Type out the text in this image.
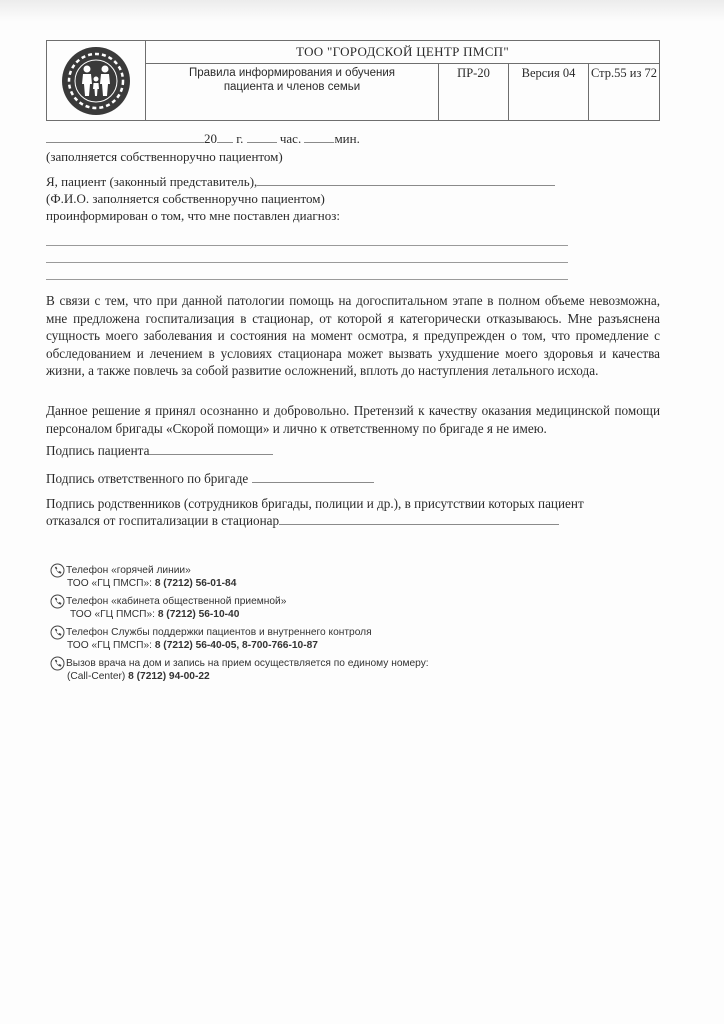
ТОО "ГОРОДСКОЙ ЦЕНТР ПМСП"
Правила информирования и обучения
пациента и членов семьи
ПР-20	Версия 04	Стр.55 из 72
20 г.	час.	мин.
(заполняется собственноручно пациентом)
Я, пациент (законный представитель),
(Ф.И.О. заполняется собственноручно пациентом)
проинформирован о том, что мне поставлен диагноз:
В связи с тем, что при данной патологии помощь на догоспитальном этапе в полном объеме невозможна, мне предложена госпитализация в стационар, от которой я категорически отказываюсь. Мне разъяснена сущность моего заболевания и состояния на момент осмотра, я предупрежден о том, что промедление с обследованием и лечением в условиях стационара может вызвать ухудшение моего здоровья и качества жизни, а также повлечь за собой развитие осложнений, вплоть до наступления летального исхода.
Данное решение я принял осознанно и добровольно. Претензий к качеству оказания медицинской помощи персоналом бригады «Скорой помощи» и лично к ответственному по бригаде я не имею.
Подпись пациента
Подпись ответственного по бригаде
Подпись родственников (сотрудников бригады, полиции и др.), в присутствии которых пациент
отказался от госпитализации в стационар
Телефон «горячей линии»
ТОО «ГЦ ПМСП»: 8 (7212) 56-01-84
Телефон «кабинета общественной приемной»
ТОО «ГЦ ПМСП»: 8 (7212) 56-10-40
Телефон Службы поддержки пациентов и внутреннего контроля
ТОО «ГЦ ПМСП»: 8 (7212) 56-40-05, 8-700-766-10-87
Вызов врача на дом и запись на прием осуществляется по единому номеру:
(Call-Center) 8 (7212) 94-00-22
